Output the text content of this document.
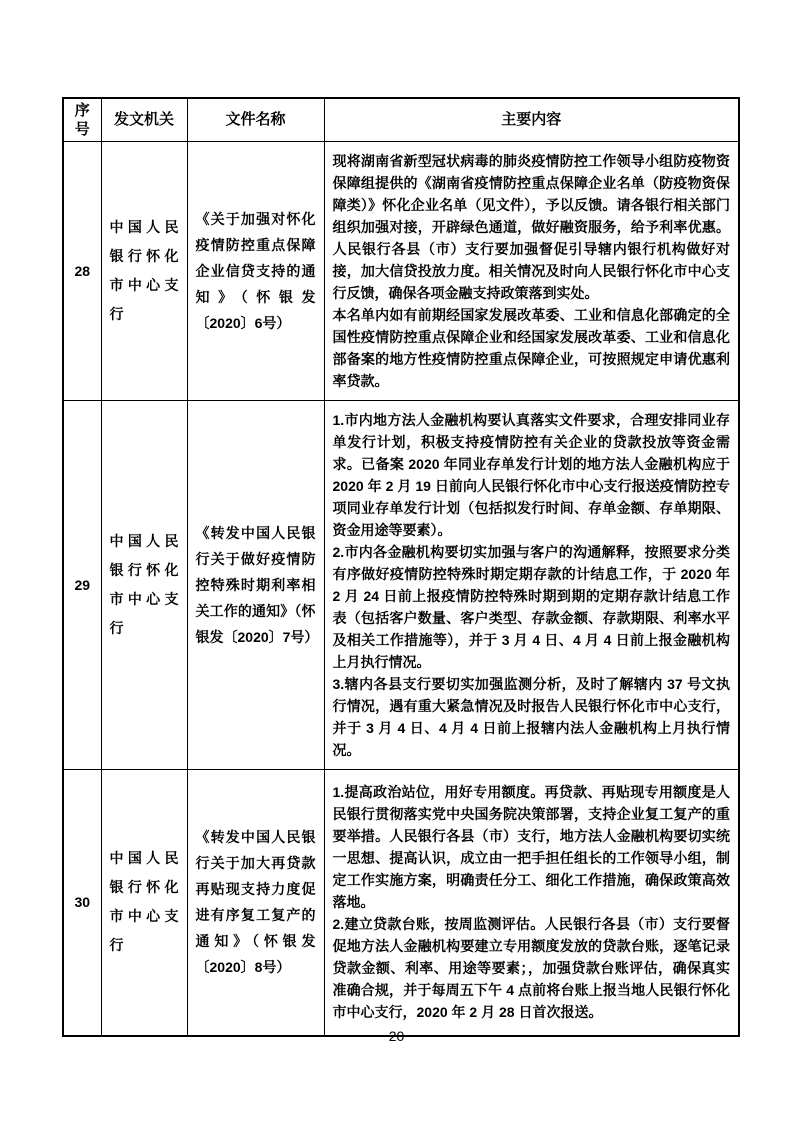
序号	发文机关	文件名称	主要内容
28	中国人民银行怀化市中心支行	《关于加强对怀化疫情防控重点保障企业信贷支持的通知》（怀银发〔2020〕6号）	现将湖南省新型冠状病毒的肺炎疫情防控工作领导小组防疫物资保障组提供的《湖南省疫情防控重点保障企业名单（防疫物资保障类）》怀化企业名单（见文件），予以反馈。请各银行相关部门组织加强对接，开辟绿色通道，做好融资服务，给予利率优惠。人民银行各县（市）支行要加强督促引导辖内银行机构做好对接，加大信贷投放力度。相关情况及时向人民银行怀化市中心支行反馈，确保各项金融支持政策落到实处。

本名单内如有前期经国家发展改革委、工业和信息化部确定的全国性疫情防控重点保障企业和经国家发展改革委、工业和信息化部备案的地方性疫情防控重点保障企业，可按照规定申请优惠利率贷款。

29	中国人民银行怀化市中心支行	《转发中国人民银行关于做好疫情防控特殊时期利率相关工作的通知》（怀银发〔2020〕7号）	1.市内地方法人金融机构要认真落实文件要求，合理安排同业存单发行计划，积极支持疫情防控有关企业的贷款投放等资金需求。已备案 2020 年同业存单发行计划的地方法人金融机构应于 2020 年 2 月 19 日前向人民银行怀化市中心支行报送疫情防控专项同业存单发行计划（包括拟发行时间、存单金额、存单期限、资金用途等要素）。

2.市内各金融机构要切实加强与客户的沟通解释，按照要求分类有序做好疫情防控特殊时期定期存款的计结息工作，于 2020 年 2 月 24 日前上报疫情防控特殊时期到期的定期存款计结息工作表（包括客户数量、客户类型、存款金额、存款期限、利率水平及相关工作措施等），并于 3 月 4 日、4 月 4 日前上报金融机构上月执行情况。

3.辖内各县支行要切实加强监测分析，及时了解辖内 37 号文执行情况，遇有重大紧急情况及时报告人民银行怀化市中心支行，并于 3 月 4 日、4 月 4 日前上报辖内法人金融机构上月执行情况。

30	中国人民银行怀化市中心支行	《转发中国人民银行关于加大再贷款再贴现支持力度促进有序复工复产的通知》（怀银发〔2020〕8号）	1.提高政治站位，用好专用额度。再贷款、再贴现专用额度是人民银行贯彻落实党中央国务院决策部署，支持企业复工复产的重要举措。人民银行各县（市）支行，地方法人金融机构要切实统一思想、提高认识，成立由一把手担任组长的工作领导小组，制定工作实施方案，明确责任分工、细化工作措施，确保政策高效落地。

2.建立贷款台账，按周监测评估。人民银行各县（市）支行要督促地方法人金融机构要建立专用额度发放的贷款台账，逐笔记录贷款金额、利率、用途等要素；，加强贷款台账评估，确保真实准确合规，并于每周五下午 4 点前将台账上报当地人民银行怀化市中心支行，2020 年 2 月 28 日首次报送。

20
